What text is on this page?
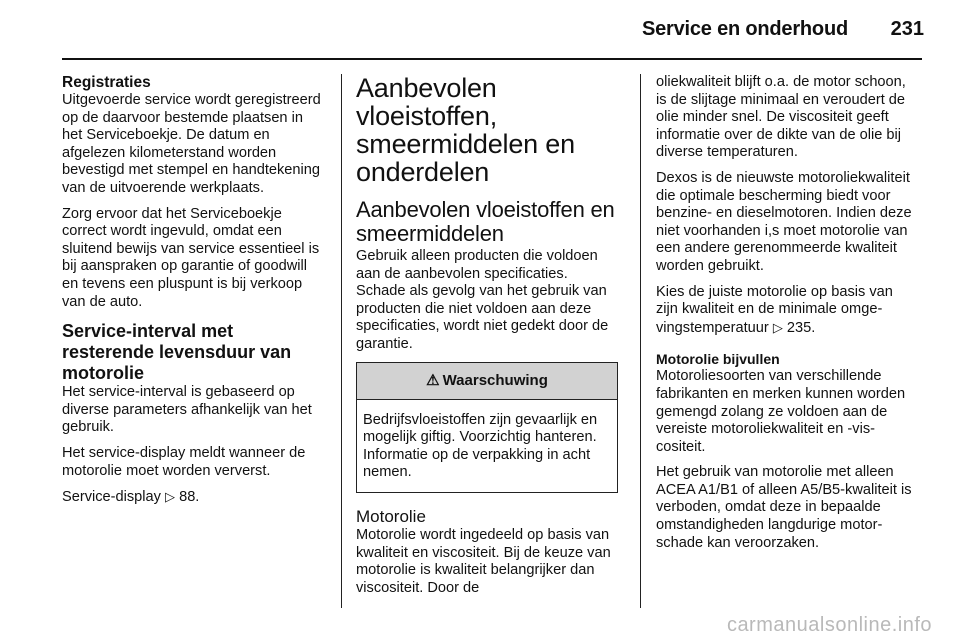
Service en onderhoud 231
Registraties

Uitgevoerde service wordt geregistreerd op de daarvoor bestemde plaatsen in het Serviceboekje. De datum en afgelezen kilometerstand worden bevestigd met stempel en handtekening van de uitvoerende werkplaats.

Zorg ervoor dat het Serviceboekje correct wordt ingevuld, omdat een sluitend bewijs van service essentieel is bij aanspraken op garantie of goodwill en tevens een pluspunt is bij verkoop van de auto.

Service-interval met resterende levensduur van motorolie

Het service-interval is gebaseerd op diverse parameters afhankelijk van het gebruik.

Het service-display meldt wanneer de motorolie moet worden ververst.

Service-display ▷ 88.

Aanbevolen vloeistoffen, smeermiddelen en onderdelen
Aanbevolen vloeistoffen en smeermiddelen

Gebruik alleen producten die voldoen aan de aanbevolen specificaties. Schade als gevolg van het gebruik van producten die niet voldoen aan deze specificaties, wordt niet gedekt door de garantie.

⚠ Waarschuwing
Bedrijfsvloeistoffen zijn gevaarlijk en mogelijk giftig. Voorzichtig hanteren. Informatie op de verpakking in acht nemen.
Motorolie

Motorolie wordt ingedeeld op basis van kwaliteit en viscositeit. Bij de keuze van motorolie is kwaliteit belangrijker dan viscositeit. Door de

oliekwaliteit blijft o.a. de motor schoon, is de slijtage minimaal en veroudert de olie minder snel. De viscositeit geeft informatie over de dikte van de olie bij diverse temperaturen.

Dexos is de nieuwste motoroliekwaliteit die optimale bescherming biedt voor benzine- en dieselmotoren. Indien deze niet voorhanden i,s moet motorolie van een andere gerenommeerde kwaliteit worden gebruikt.

Kies de juiste motorolie op basis van zijn kwaliteit en de minimale omgevingstemperatuur ▷ 235.

Motorolie bijvullen

Motoroliesoorten van verschillende fabrikanten en merken kunnen worden gemengd zolang ze voldoen aan de vereiste motoroliekwaliteit en -viscositeit.

Het gebruik van motorolie met alleen ACEA A1/B1 of alleen A5/B5-kwaliteit is verboden, omdat deze in bepaalde omstandigheden langdurige motorschade kan veroorzaken.

carmanualsonline.info
